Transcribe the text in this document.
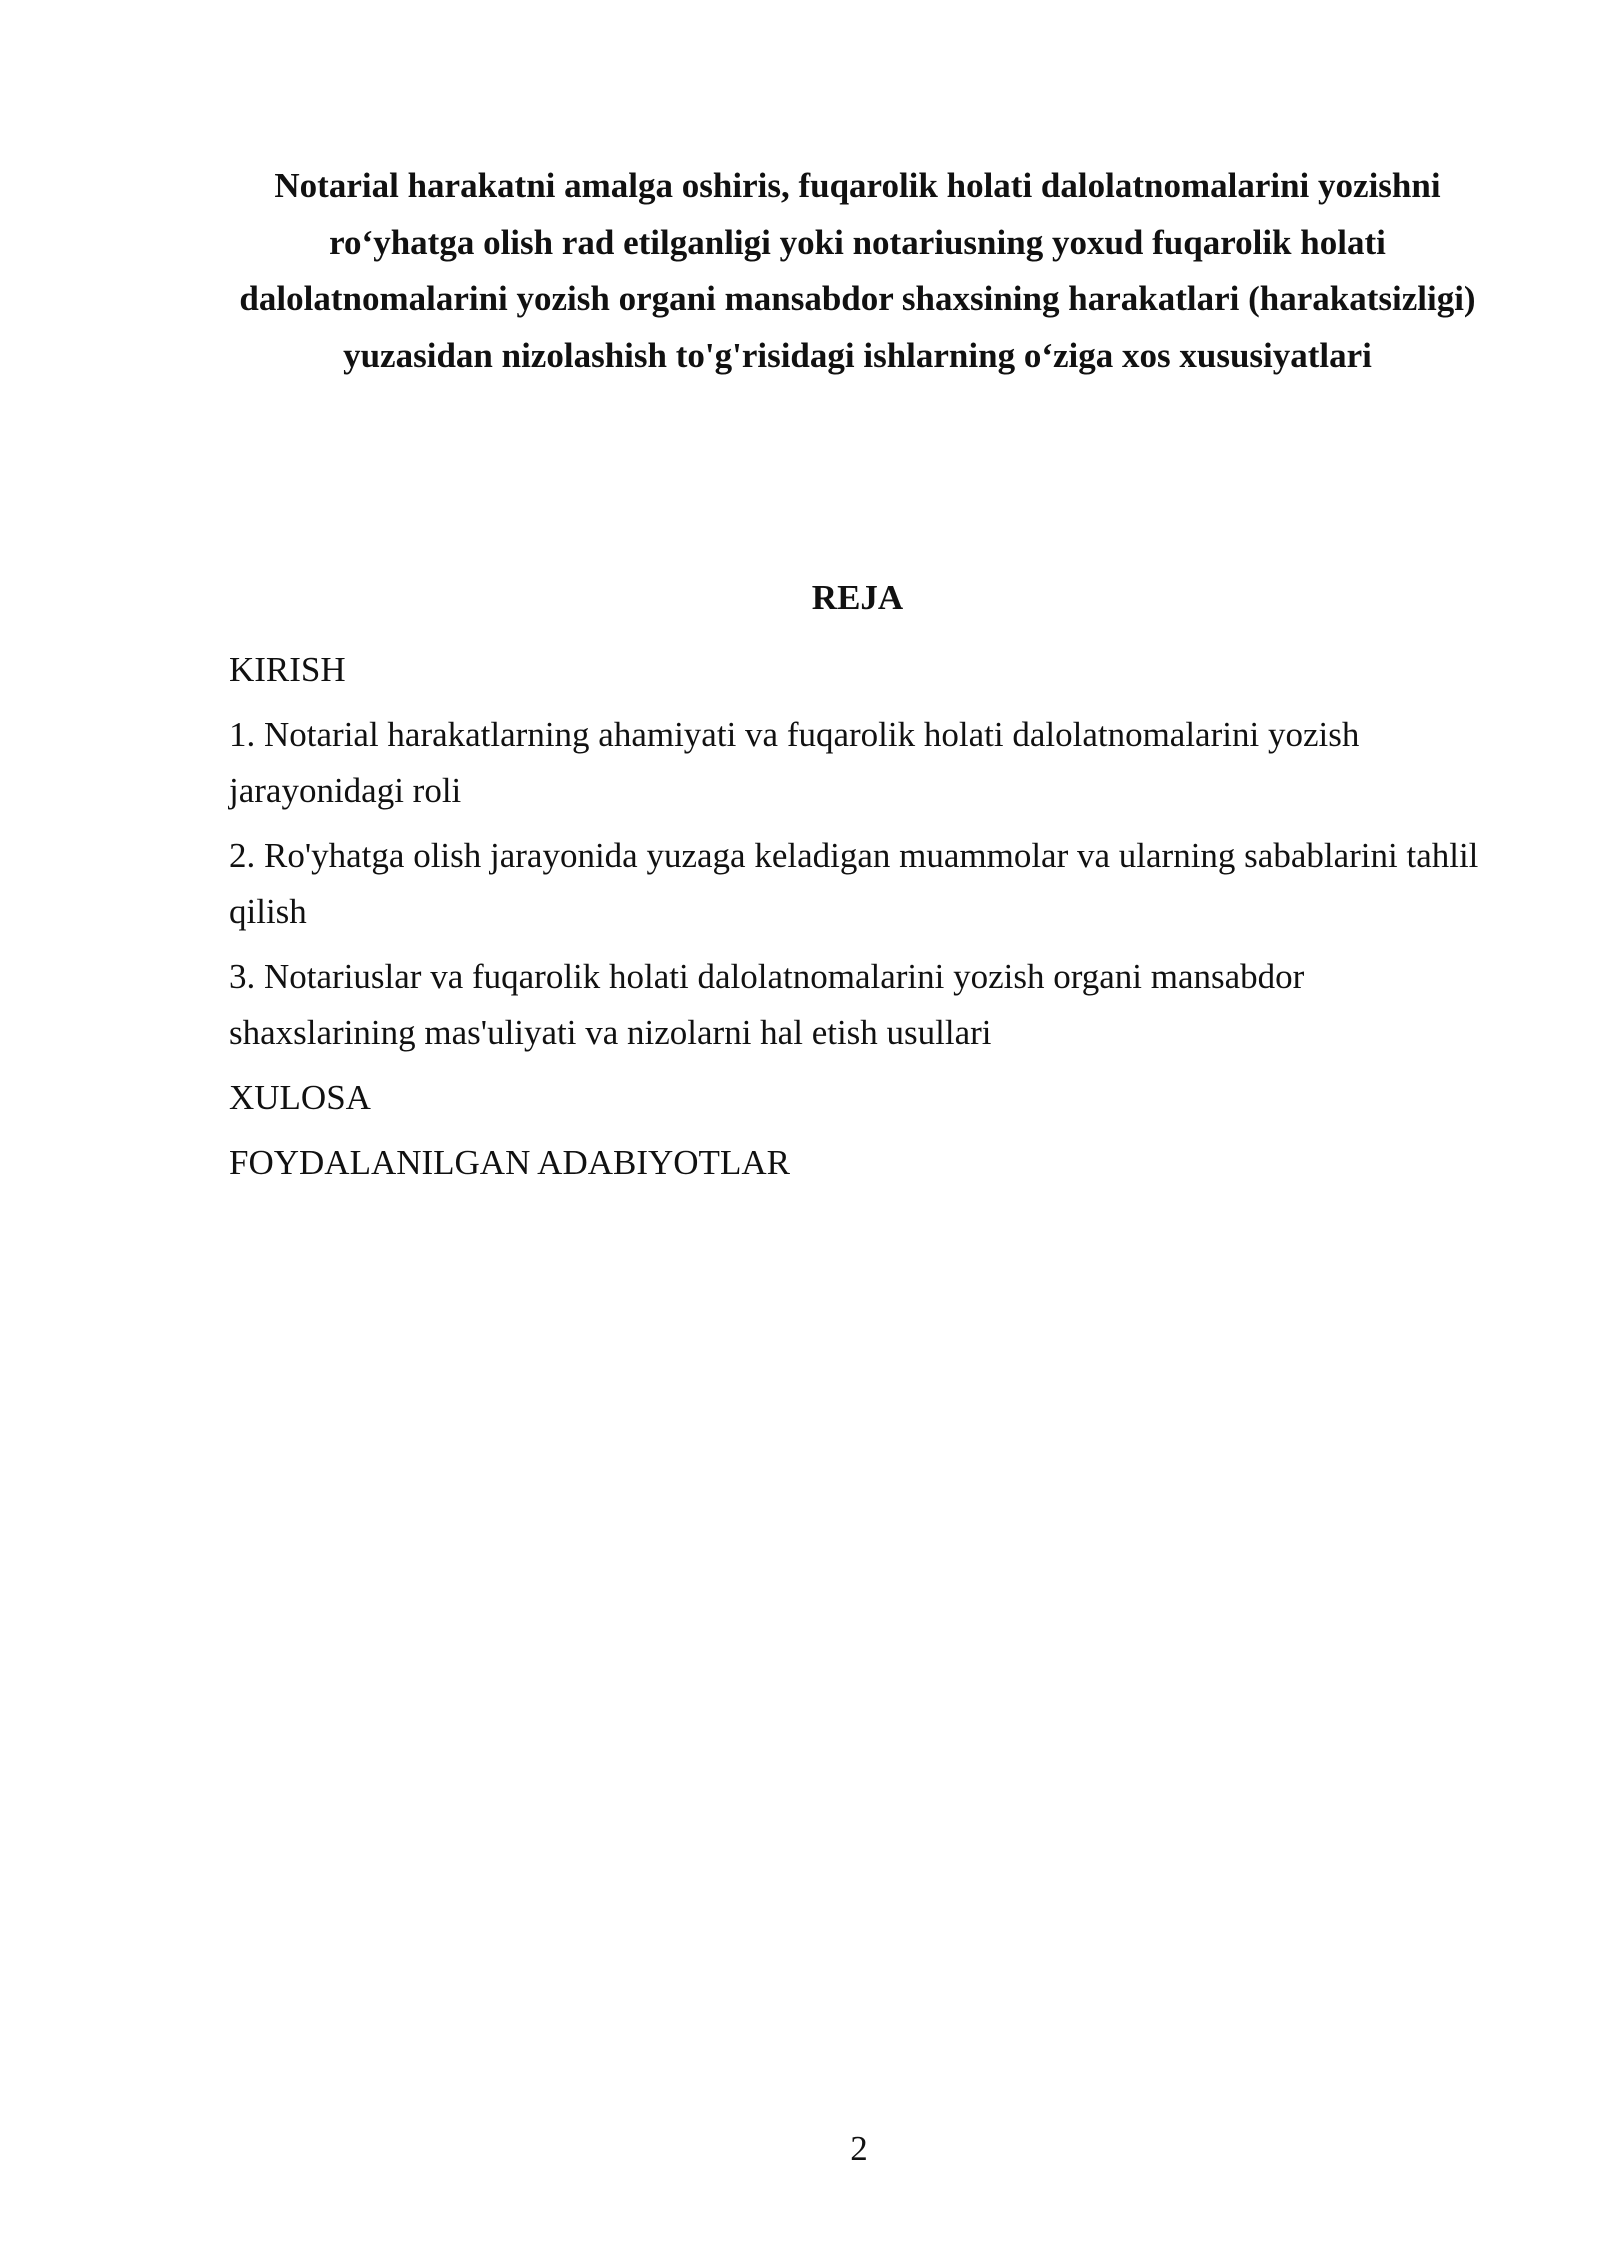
Notarial harakatni amalga oshiris, fuqarolik holati dalolatnomalarini yozishni ro‘yhatga olish rad etilganligi yoki notariusning yoxud fuqarolik holati dalolatnomalarini yozish organi mansabdor shaxsining harakatlari (harakatsizligi) yuzasidan nizolashish to'g'risidagi ishlarning o‘ziga xos xususiyatlari
REJA
KIRISH
1. Notarial harakatlarning ahamiyati va fuqarolik holati dalolatnomalarini yozish jarayonidagi roli
2. Ro'yhatga olish jarayonida yuzaga keladigan muammolar va ularning sabablarini tahlil qilish
3. Notariuslar va fuqarolik holati dalolatnomalarini yozish organi mansabdor shaxslarining mas'uliyati va nizolarni hal etish usullari
XULOSA
FOYDALANILGAN ADABIYOTLAR

2
